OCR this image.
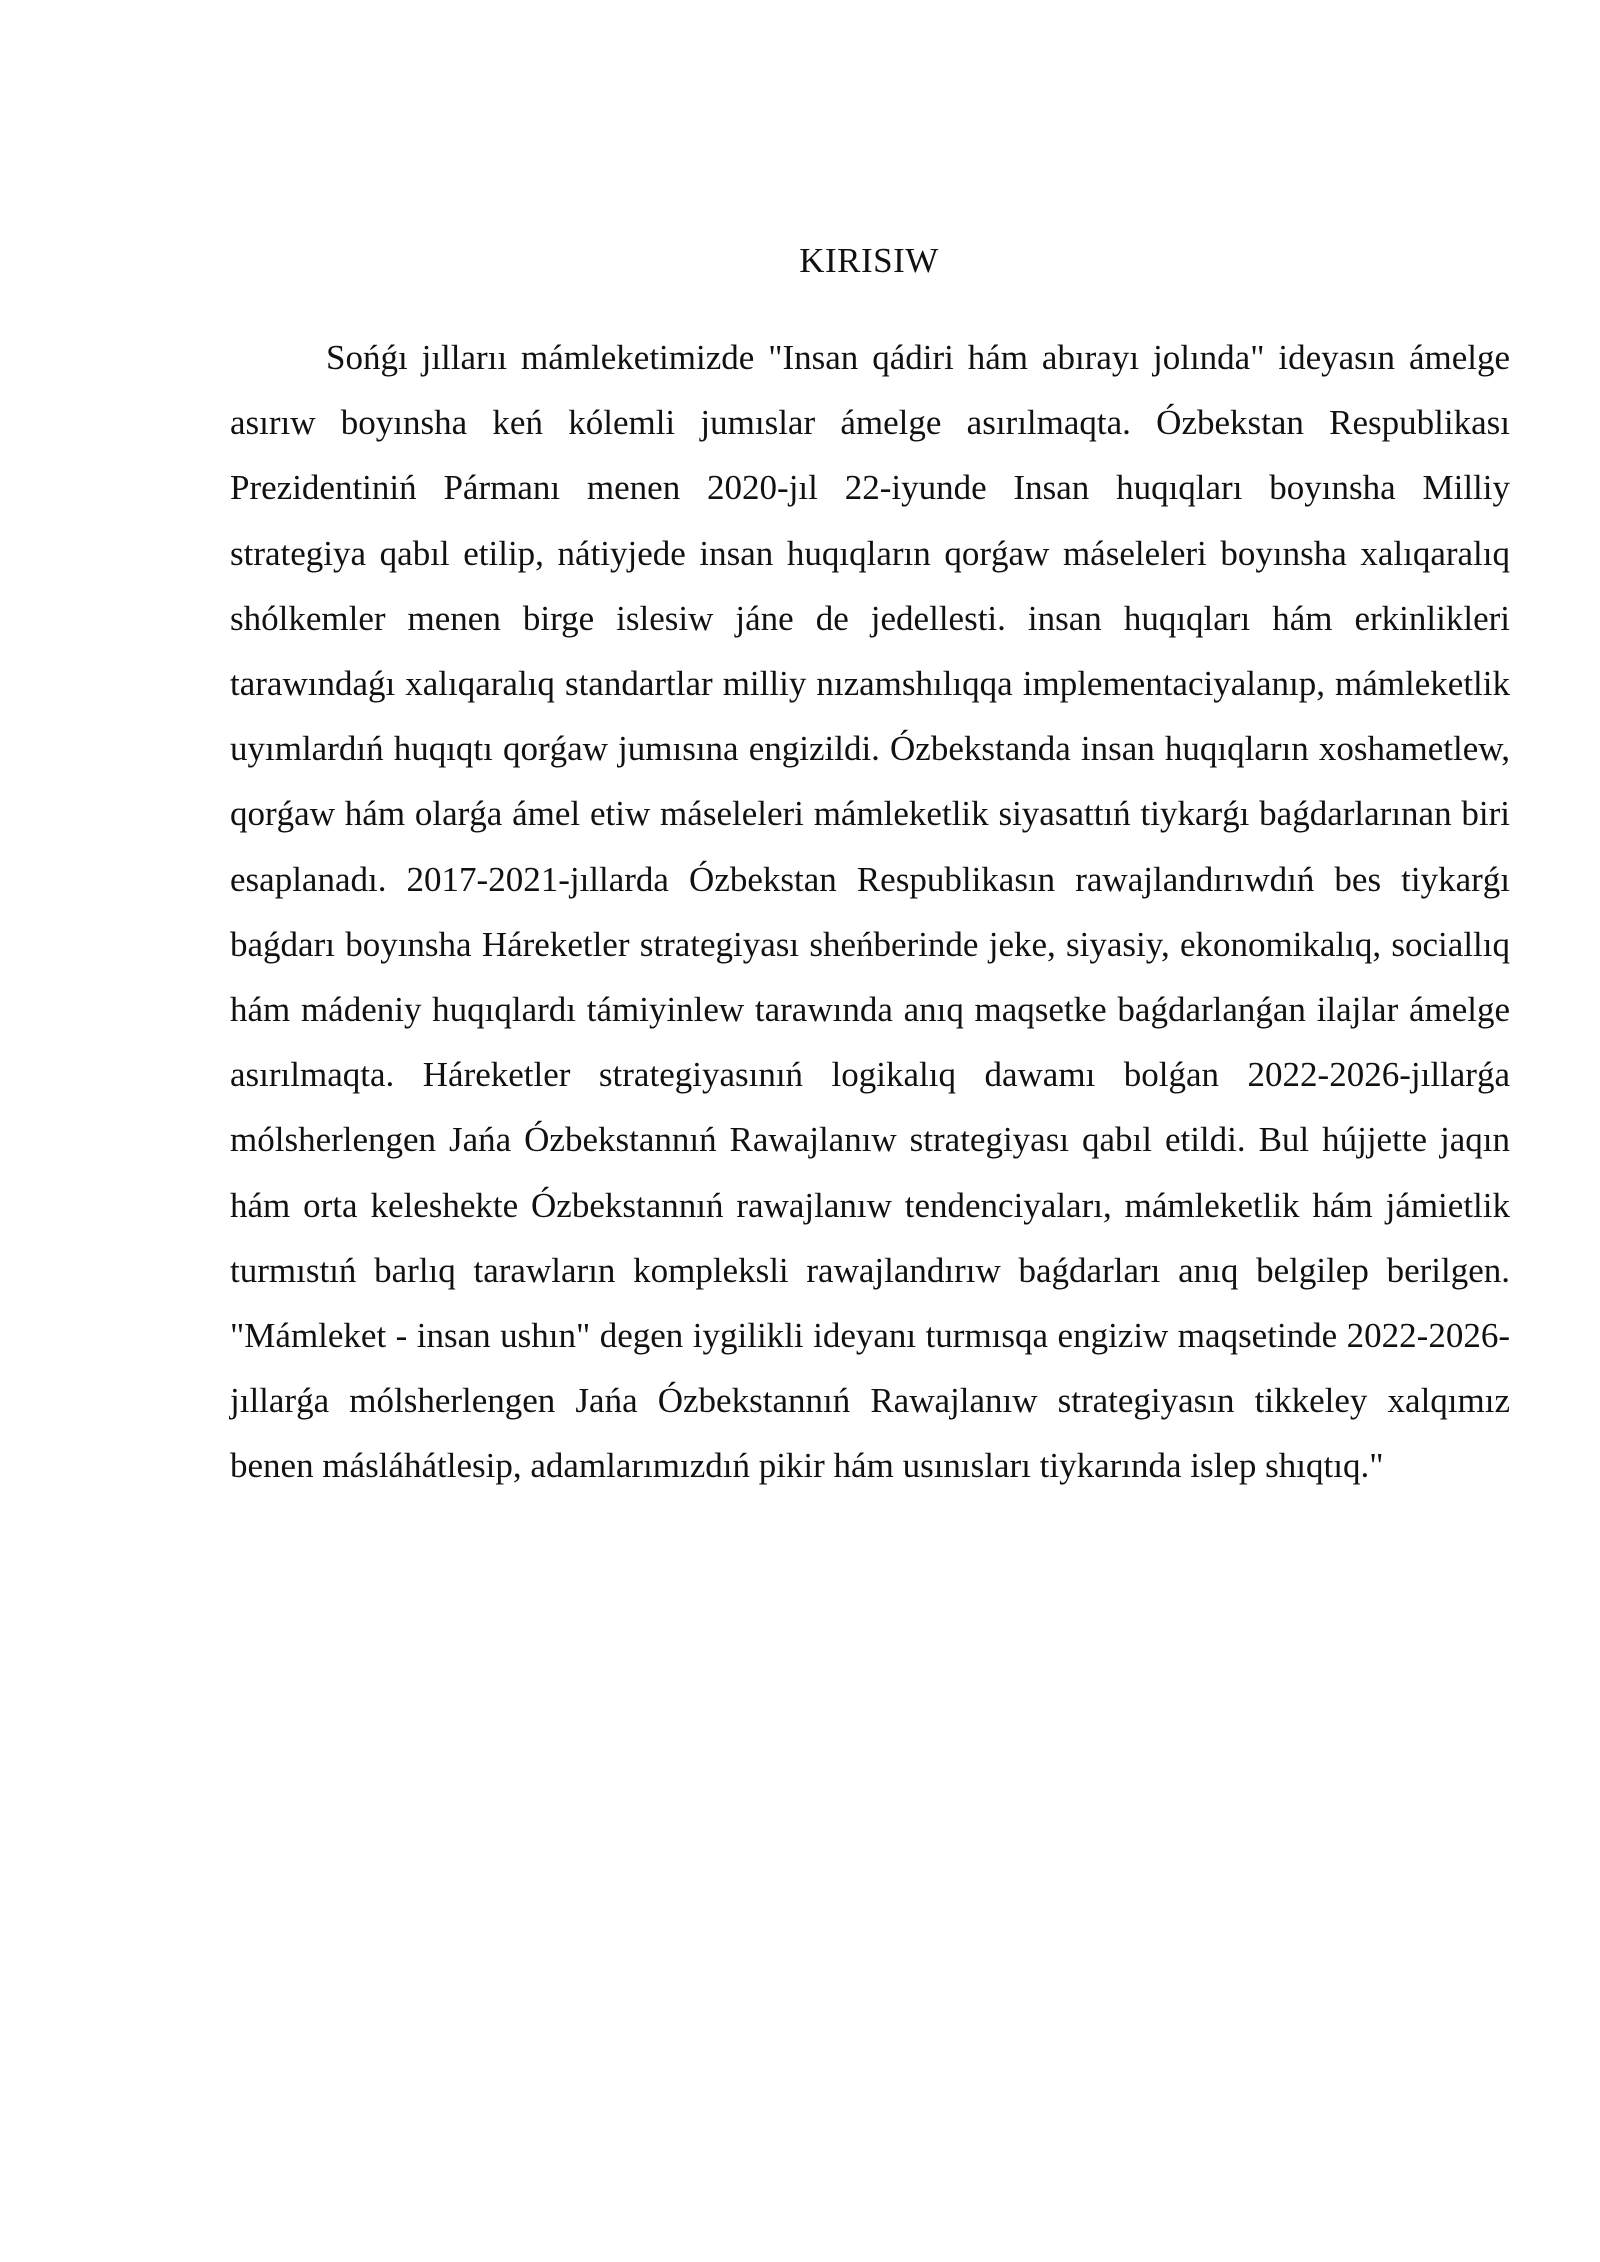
KIRISIW

Sońǵı jıllarıı mámleketimizde "Insan qádiri hám abırayı jolında" ideyasın ámelge asırıw boyınsha keń kólemli jumıslar ámelge asırılmaqta. Ózbekstan Respublikası Prezidentiniń Pármanı menen 2020-jıl 22-iyunde Insan huqıqları boyınsha Milliy strategiya qabıl etilip, nátiyjede insan huqıqların qorǵaw máseleleri boyınsha xalıqaralıq shólkemler menen birge islesiw jáne de jedellesti. insan huqıqları hám erkinlikleri tarawındaǵı xalıqaralıq standartlar milliy nızamshılıqqa implementaciyalanıp, mámleketlik uyımlardıń huqıqtı qorǵaw jumısına engizildi. Ózbekstanda insan huqıqların xoshametlew, qorǵaw hám olarǵa ámel etiw máseleleri mámleketlik siyasattıń tiykarǵı baǵdarlarınan biri esaplanadı. 2017-2021-jıllarda Ózbekstan Respublikasın rawajlandırıwdıń bes tiykarǵı baǵdarı boyınsha Háreketler strategiyası sheńberinde jeke, siyasiy, ekonomikalıq, sociallıq hám mádeniy huqıqlardı támiyinlew tarawında anıq maqsetke baǵdarlanǵan ilajlar ámelge asırılmaqta. Háreketler strategiyasınıń logikalıq dawamı bolǵan 2022-2026-jıllarǵa mólsherlengen Jańa Ózbekstannıń Rawajlanıw strategiyası qabıl etildi. Bul hújjette jaqın hám orta keleshekte Ózbekstannıń rawajlanıw tendenciyaları, mámleketlik hám jámietlik turmıstıń barlıq tarawların kompleksli rawajlandırıw baǵdarları anıq belgilep berilgen. "Mámleket - insan ushın" degen iygilikli ideyanı turmısqa engiziw maqsetinde 2022-2026-jıllarǵa mólsherlengen Jańa Ózbekstannıń Rawajlanıw strategiyasın tikkeley xalqımız benen másláhátlesip, adamlarımızdıń pikir hám usınısları tiykarında islep shıqtıq."
